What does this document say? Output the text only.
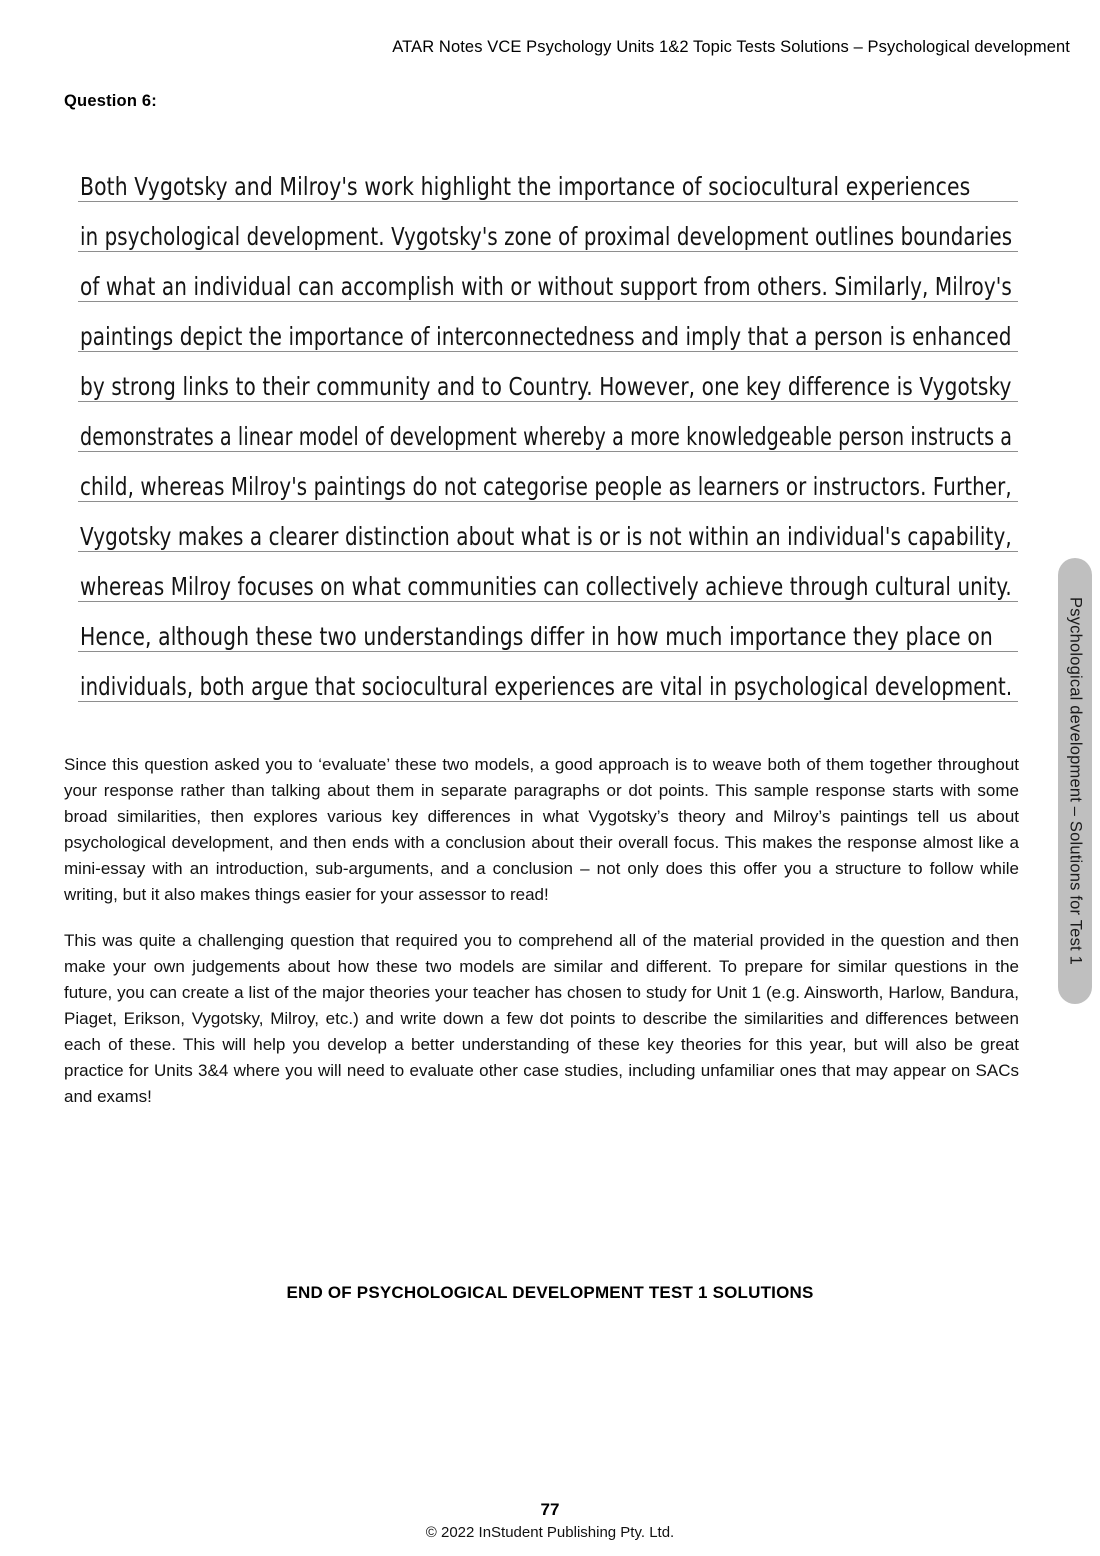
ATAR Notes VCE Psychology Units 1&2 Topic Tests Solutions – Psychological development
Question 6:
Both Vygotsky and Milroy's work highlight the importance of sociocultural experiences
in psychological development. Vygotsky's zone of proximal development outlines boundaries
of what an individual can accomplish with or without support from others. Similarly, Milroy's
paintings depict the importance of interconnectedness and imply that a person is enhanced
by strong links to their community and to Country. However, one key difference is Vygotsky
demonstrates a linear model of development whereby a more knowledgeable person instructs a
child, whereas Milroy's paintings do not categorise people as learners or instructors. Further,
Vygotsky makes a clearer distinction about what is or is not within an individual's capability,
whereas Milroy focuses on what communities can collectively achieve through cultural unity.
Hence, although these two understandings differ in how much importance they place on
individuals, both argue that sociocultural experiences are vital in psychological development.
Since this question asked you to ‘evaluate’ these two models, a good approach is to weave both of them together throughout your response rather than talking about them in separate paragraphs or dot points. This sample response starts with some broad similarities, then explores various key differences in what Vygotsky’s theory and Milroy’s paintings tell us about psychological development, and then ends with a conclusion about their overall focus. This makes the response almost like a mini-essay with an introduction, sub-arguments, and a conclusion – not only does this offer you a structure to follow while writing, but it also makes things easier for your assessor to read!
This was quite a challenging question that required you to comprehend all of the material provided in the question and then make your own judgements about how these two models are similar and different. To prepare for similar questions in the future, you can create a list of the major theories your teacher has chosen to study for Unit 1 (e.g. Ainsworth, Harlow, Bandura, Piaget, Erikson, Vygotsky, Milroy, etc.) and write down a few dot points to describe the similarities and differences between each of these. This will help you develop a better understanding of these key theories for this year, but will also be great practice for Units 3&4 where you will need to evaluate other case studies, including unfamiliar ones that may appear on SACs and exams!
Psychological development – Solutions for Test 1
END OF PSYCHOLOGICAL DEVELOPMENT TEST 1 SOLUTIONS
77
© 2022 InStudent Publishing Pty. Ltd.
